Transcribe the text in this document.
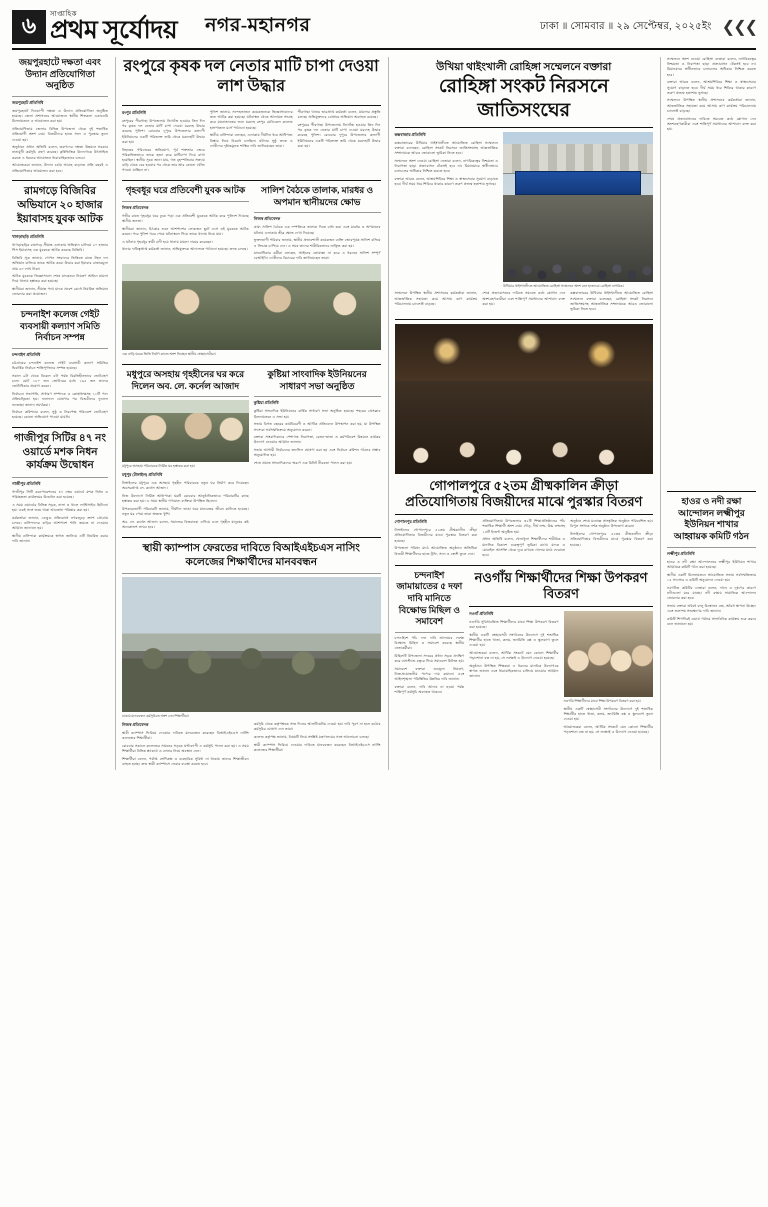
৬	সাপ্তাহিক
প্রথম সূর্যোদয় নগর-মহানগর	ঢাকা ॥ সোমবার ॥ ২৯ সেপ্টেম্বর, ২০২৫ইং ❮❮❮
জয়পুরহাটে দক্ষতা এবং উদ্যান প্রতিযোগিতা অনুষ্ঠিত
জয়পুরহাট প্রতিনিধি

জয়পুরহাটে দিনব্যাপী দক্ষতা ও উদ্যান প্রতিযোগিতা অনুষ্ঠিত হয়েছে। জেলা প্রশাসনের আয়োজনে স্থানীয় শিল্পকলা একাডেমি মিলনায়তনে এ আয়োজন করা হয়।

প্রতিযোগিতায় জেলার বিভিন্ন উপজেলা থেকে দুই শতাধিক প্রতিযোগী অংশ নেয়। বিজয়ীদের হাতে সনদ ও পুরস্কার তুলে দেওয়া হয়।

অনুষ্ঠানে প্রধান অতিথি বলেন, তরুণদের দক্ষতা উন্নয়নে সরকার নানামুখী কর্মসূচি গ্রহণ করেছে। কৃষিভিত্তিক উদ্যোগকে উৎসাহিত করতে এ ধরনের আয়োজন ধারাবাহিকভাবে চলবে।

আয়োজকরা জানান, উদ্যান চর্চায় আগ্রহ বাড়াতে প্রতি বছরই এ প্রতিযোগিতার আয়োজন করা হবে।

রামগড়ে বিজিবির অভিযানে ২০ হাজার ইয়াবাসহ যুবক আটক
খাগড়াছড়ি প্রতিনিধি

খাগড়াছড়ির রামগড়ে সীমান্ত এলাকায় অভিযান চালিয়ে ২০ হাজার পিস ইয়াবাসহ এক যুবককে আটক করেছে বিজিবি।

বিজিবি সূত্র জানায়, গোপন সংবাদের ভিত্তিতে রাতে টহল দল অভিযান চালিয়ে তাকে আটক করে। উদ্ধার করা ইয়াবার বাজারমূল্য প্রায় ৬০ লাখ টাকা।

আটক যুবককে জিজ্ঞাসাবাদ শেষে মাদকদ্রব্য নিয়ন্ত্রণ আইনে মামলা দিয়ে থানায় হস্তান্তর করা হয়েছে।

স্থানীয়রা জানান, সীমান্ত পথে মাদক প্রবেশ রোধে নিয়মিত অভিযান জোরদার করা প্রয়োজন।

চন্দনাইশ কলেজ গেইট ব্যবসায়ী কল্যাণ সমিতি নির্বাচন সম্পন্ন
চন্দনাইশ প্রতিনিধি

চট্টগ্রামের চন্দনাইশ কলেজ গেইট ব্যবসায়ী কল্যাণ সমিতির দ্বিবার্ষিক নির্বাচন শান্তিপূর্ণভাবে সম্পন্ন হয়েছে।

সকাল ৯টা থেকে বিকেল ৪টা পর্যন্ত বিরতিহীনভাবে ভোটগ্রহণ চলে। মোট ১৮০ জন ভোটারের মধ্যে ১৬৫ জন তাদের ভোটাধিকার প্রয়োগ করেন।

নির্বাচনে সভাপতি, সাধারণ সম্পাদক ও কোষাধ্যক্ষসহ ১১টি পদে প্রতিদ্বন্দ্বিতা হয়। ফলাফল ঘোষণার পর বিজয়ীদের ফুলেল শুভেচ্ছা জানান সমর্থকরা।

নির্বাচন কমিশনার বলেন, সুষ্ঠু ও নিরপেক্ষ পরিবেশে ভোটগ্রহণ হয়েছে। কোনো অভিযোগ পাওয়া যায়নি।

গাজীপুর সিটির ৪৭ নং ওয়ার্ডে মশক নিধন কার্যক্রম উদ্বোধন
গাজীপুর প্রতিনিধি

গাজীপুর সিটি করপোরেশনের ৪৭ নম্বর ওয়ার্ডে মশক নিধন ও পরিচ্ছন্নতা কার্যক্রমের উদ্বোধন করা হয়েছে।

এ সময় ওয়ার্ডের বিভিন্ন সড়ক, নালা ও খালে লার্ভিসাইড ছিটানো হয়। একই সঙ্গে জমে থাকা আবর্জনা পরিষ্কার করা হয়।

কর্মকর্তারা জানান, ডেঙ্গু প্রতিরোধে নগরজুড়ে ক্র্যাশ প্রোগ্রাম চলবে। বাসিন্দাদের বাড়ির আশপাশে পানি জমতে না দেওয়ার আহ্বান জানানো হয়।

স্থানীয় বাসিন্দারা কার্যক্রমকে স্বাগত জানিয়ে এটি নিয়মিত করার দাবি জানান।

রংপুরে কৃষক দল নেতার মাটি চাপা দেওয়া লাশ উদ্ধার
রংপুর প্রতিনিধি

রংপুরের পীরগাছা উপজেলায় নিখোঁজ হওয়ার তিন দিন পর কৃষক দল নেতার মাটি চাপা দেওয়া মরদেহ উদ্ধার করেছে পুলিশ। রোববার দুপুরে উপজেলার কল্যাণী ইউনিয়নের একটি পরিত্যক্ত জমি থেকে মরদেহটি উদ্ধার করা হয়।

নিহতের পরিবারের অভিযোগ, পূর্ব শত্রুতার জেরে পরিকল্পিতভাবে তাকে হত্যা করে মাটিচাপা দিয়ে রাখা হয়েছিল। স্থানীয় সূত্রে জানা যায়, গত বৃহস্পতিবার সন্ধ্যায় বাড়ি থেকে বের হওয়ার পর থেকে তার আর কোনো খোঁজ পাওয়া যাচ্ছিল না।

পুলিশ জানায়, সন্দেহভাজন কয়েকজনকে জিজ্ঞাসাবাদের জন্য আটক করা হয়েছে। ঘটনাস্থল থেকে আলামত সংগ্রহ করে ময়নাতদন্তের জন্য মরদেহ রংপুর মেডিকেল কলেজ হাসপাতাল মর্গে পাঠানো হয়েছে।

স্থানীয় বাসিন্দারা বলছেন, এলাকায় দীর্ঘদিন ধরে আধিপত্য বিস্তার নিয়ে বিরোধ চলছিল। ঘটনার সুষ্ঠু তদন্ত ও দোষীদের দৃষ্টান্তমূলক শাস্তির দাবি জানিয়েছেন তারা।

পীরগাছা থানার ভারপ্রাপ্ত কর্মকর্তা বলেন, মামলার প্রস্তুতি চলছে। অভিযুক্তদের গ্রেপ্তারে অভিযান অব্যাহত রয়েছে।

রংপুরের পীরগাছা উপজেলায় নিখোঁজ হওয়ার তিন দিন পর কৃষক দল নেতার মাটি চাপা দেওয়া মরদেহ উদ্ধার করেছে পুলিশ। রোববার দুপুরে উপজেলার কল্যাণী ইউনিয়নের একটি পরিত্যক্ত জমি থেকে মরদেহটি উদ্ধার করা হয়।

গৃহবধূর ঘরে প্রতিবেশী যুবক আটক
নিজস্ব প্রতিবেদক

গভীর রাতে গৃহবধূর ঘরে ঢুকে পড়া এক প্রতিবেশী যুবককে আটক করে পুলিশে দিয়েছে স্থানীয় জনতা।

স্থানীয়রা জানান, চিৎকার শুনে আশপাশের লোকজন ছুটে এসে ওই যুবককে আটক করেন। পরে পুলিশ খবর পেয়ে ঘটনাস্থলে গিয়ে তাকে থানায় নিয়ে যায়।

এ ঘটনায় গৃহবধূর স্বামী বাদী হয়ে থানায় মামলা দায়ের করেছেন।

থানার দায়িত্বপ্রাপ্ত কর্মকর্তা জানান, অভিযুক্তকে আদালতে পাঠানো হয়েছে। তদন্ত চলছে।

সালিশ বৈঠকে তালাক, মারধর ও অপমান স্থানীয়দের ক্ষোভ
নিজস্ব প্রতিবেদক

গ্রাম্য সালিশ বৈঠকে এক দম্পতিকে তালাক দিতে বাধ্য করা এবং মারধর ও অপমানের ঘটনায় এলাকায় তীব্র ক্ষোভ দেখা দিয়েছে।

ভুক্তভোগী পরিবার জানায়, স্থানীয় প্রভাবশালী কয়েকজন ব্যক্তি জোরপূর্বক সালিশ বসিয়ে এ সিদ্ধান্ত চাপিয়ে দেন। এ সময় তাদের শারীরিকভাবে লাঞ্ছিত করা হয়।

মানবাধিকার কর্মীরা বলছেন, আইনের তোয়াক্কা না করে এ ধরনের সালিশ সম্পূর্ণ বেআইনি। দোষীদের বিচারের দাবি জানিয়েছেন তারা।

এক বাড়ি ঘরের ভিত্তি নির্মাণ কাজে অংশ নিচ্ছেন স্থানীয় স্বেচ্ছাসেবীরা।
মধুপুরে অসহায় গৃহহীনের ঘর করে দিলেন অব. লে. কর্নেল আজাদ
মধুপুরে অসহায় পরিবারকে নির্মিত ঘর হস্তান্তর করা হয়।
মধুপুর (টাঙ্গাইল) প্রতিনিধি

টাঙ্গাইলের মধুপুরে এক অসহায় গৃহহীন পরিবারকে নতুন ঘর নির্মাণ করে দিয়েছেন অবসরপ্রাপ্ত লে. কর্নেল আজাদ।

নিজ উদ্যোগে নির্মিত আধাপাকা ঘরটি রোববার আনুষ্ঠানিকভাবে পরিবারটির কাছে হস্তান্তর করা হয়। এ সময় স্থানীয় গণ্যমান্য ব্যক্তিরা উপস্থিত ছিলেন।

উপকারভোগী পরিবারটি জানায়, দীর্ঘদিন ভাঙা ঘরে মানবেতর জীবন কাটাতে হয়েছে। নতুন ঘর পেয়ে তারা অত্যন্ত খুশি।

অব. লে. কর্নেল আজাদ বলেন, সমাজের বিত্তবানরা এগিয়ে এলে গৃহহীন মানুষের কষ্ট অনেকাংশে লাঘব হবে।

কুষ্টিয়া সাংবাদিক ইউনিয়নের সাধারণ সভা অনুষ্ঠিত
কুষ্টিয়া প্রতিনিধি

কুষ্টিয়া সাংবাদিক ইউনিয়নের বার্ষিক সাধারণ সভা অনুষ্ঠিত হয়েছে। শহরের প্রেসক্লাব মিলনায়তনে এ সভা হয়।

সভায় বিগত বছরের কার্যবিবরণী ও আর্থিক প্রতিবেদন উপস্থাপন করা হয়, যা উপস্থিত সদস্যরা সর্বসম্মতিক্রমে অনুমোদন করেন।

বক্তারা সাংবাদিকদের পেশাগত নিরাপত্তা, বেতন-ভাতা ও কর্মপরিবেশ উন্নয়নে কার্যকর উদ্যোগ নেওয়ার আহ্বান জানান।

সভায় আগামী নির্বাচনের তফসিল ঘোষণা করা হয় এবং নির্বাচন কমিশন গঠনের প্রস্তাব অনুমোদিত হয়।

শেষে প্রয়াত সাংবাদিকদের স্মরণে এক মিনিট নীরবতা পালন করা হয়।

স্থায়ী ক্যাম্পাস ফেরতের দাবিতে বিআইএইচএস নাসিং কলেজের শিক্ষার্থীদের মানববন্ধন
ঢাকায় মানববন্ধন কর্মসূচিতে অংশ নেন শিক্ষার্থীরা।
নিজস্ব প্রতিবেদক

স্থায়ী ক্যাম্পাস ফিরিয়ে দেওয়ার দাবিতে মানববন্ধন করেছেন বিআইএইচএস নার্সিং কলেজের শিক্ষার্থীরা।

রোববার সকালে কলেজের সামনের সড়কে ঘণ্টাব্যাপী এ কর্মসূচি পালন করা হয়। এ সময় শিক্ষার্থীরা বিভিন্ন প্ল্যাকার্ড ও ব্যানার নিয়ে অবস্থান নেন।

শিক্ষার্থীরা বলেন, পর্যাপ্ত শ্রেণিকক্ষ ও ব্যবহারিক সুবিধা না থাকায় তাদের শিক্ষাজীবন ব্যাহত হচ্ছে। দ্রুত স্থায়ী ক্যাম্পাসে ফেরার ব্যবস্থা করতে হবে।

কর্মসূচি থেকে কর্তৃপক্ষকে সাত দিনের আলটিমেটাম দেওয়া হয়। দাবি পূরণ না হলে কঠোর কর্মসূচির ঘোষণা দেন তারা।

কলেজ কর্তৃপক্ষ জানায়, বিষয়টি নিয়ে সংশ্লিষ্ট মন্ত্রণালয়ের সঙ্গে আলোচনা চলছে।

স্থায়ী ক্যাম্পাস ফিরিয়ে দেওয়ার দাবিতে মানববন্ধন করেছেন বিআইএইচএস নার্সিং কলেজের শিক্ষার্থীরা।

উখিয়া থাইংখালী রোহিঙ্গা সম্মেলনে বক্তারা
রোহিঙ্গা সংকট নিরসনে জাতিসংঘের
কক্সবাজার প্রতিনিধি

কক্সবাজারের উখিয়ার থাইংখালীতে আয়োজিত রোহিঙ্গা সম্মেলনে বক্তারা বলেছেন, রোহিঙ্গা সংকট নিরসনে জাতিসংঘসহ আন্তর্জাতিক সম্প্রদায়কে আরও জোরালো ভূমিকা নিতে হবে।

সম্মেলনে অংশ নেওয়া রোহিঙ্গা নেতারা বলেন, নাগরিকত্বের নিশ্চয়তা ও নিরাপত্তা ছাড়া প্রত্যাবাসন টেকসই হবে না। মিয়ানমারে স্বাধীনভাবে চলাচলের অধিকার নিশ্চিত করতে হবে।

বক্তারা আরও বলেন, আশ্রয়শিবিরে শিক্ষা ও স্বাস্থ্যসেবার সুযোগ বাড়াতে হবে। দীর্ঘ সময় ধরে শিবিরে থাকার কারণে তরুণ প্রজন্ম হতাশায় ভুগছে।

উখিয়ার থাইংখালীতে আয়োজিত রোহিঙ্গা সম্মেলনে অংশ নেন হাজারো রোহিঙ্গা নাগরিক।

সম্মেলনে উপস্থিত স্থানীয় প্রশাসনের কর্মকর্তারা জানান, আন্তর্জাতিক সহায়তা কমে আসায় ত্রাণ কার্যক্রম পরিচালনায় চ্যালেঞ্জ বাড়ছে।

শেষে প্রত্যাবাসনের দাবিতে সমবেত কণ্ঠে স্লোগান দেন অংশগ্রহণকারীরা এবং শান্তিপূর্ণ সমাধানের আশাবাদ ব্যক্ত করা হয়।

কক্সবাজারের উখিয়ার থাইংখালীতে আয়োজিত রোহিঙ্গা সম্মেলনে বক্তারা বলেছেন, রোহিঙ্গা সংকট নিরসনে জাতিসংঘসহ আন্তর্জাতিক সম্প্রদায়কে আরও জোরালো ভূমিকা নিতে হবে।

গোপালপুরে ৫২তম গ্রীষ্মকালিন ক্রীড়া প্রতিযোগিতায় বিজয়ীদের মাঝে পুরস্কার বিতরণ
গোপালপুর প্রতিনিধি

টাঙ্গাইলের গোপালপুরে ৫২তম গ্রীষ্মকালীন ক্রীড়া প্রতিযোগিতার বিজয়ীদের মাঝে পুরস্কার বিতরণ করা হয়েছে।

উপজেলা পরিষদ মাঠে আয়োজিত অনুষ্ঠানে অতিথিরা বিজয়ী শিক্ষার্থীদের হাতে ট্রফি, সনদ ও ক্রেস্ট তুলে দেন।

প্রতিযোগিতায় উপজেলার ৩২টি শিক্ষাপ্রতিষ্ঠানের পাঁচ শতাধিক শিক্ষার্থী অংশ নেয়। দৌড়, দীর্ঘ লম্ফ, উচ্চ লম্ফসহ ১৪টি ইভেন্ট অনুষ্ঠিত হয়।

প্রধান অতিথি বলেন, খেলাধুলা শিক্ষার্থীদের শারীরিক ও মানসিক বিকাশে গুরুত্বপূর্ণ ভূমিকা রাখে। মাদক ও মোবাইল আসক্তি থেকে দূরে রাখতে খেলার মাঠে ফেরাতে হবে।

অনুষ্ঠান শেষে মনোজ্ঞ সাংস্কৃতিক অনুষ্ঠান পরিবেশিত হয়। বিপুল সংখ্যক দর্শক অনুষ্ঠান উপভোগ করেন।

টাঙ্গাইলের গোপালপুরে ৫২তম গ্রীষ্মকালীন ক্রীড়া প্রতিযোগিতার বিজয়ীদের মাঝে পুরস্কার বিতরণ করা হয়েছে।

চন্দনাইশ জামায়াতের ৫ দফা দাবি মানিতে বিক্ষোভ মিছিল ও সমাবেশ

চন্দনাইশে পাঁচ দফা দাবি আদায়ের লক্ষ্যে বিক্ষোভ মিছিল ও সমাবেশ করেছে স্থানীয় নেতাকর্মীরা।

মিছিলটি উপজেলা সদরের প্রধান সড়ক প্রদক্ষিণ করে বাসস্ট্যান্ড চত্বরে গিয়ে সমাবেশে মিলিত হয়।

সমাবেশে বক্তারা দ্রব্যমূল্য নিয়ন্ত্রণ, নিত্যপ্রয়োজনীয় পণ্যের দাম কমানো এবং আইনশৃঙ্খলা পরিস্থিতির উন্নতির দাবি জানান।

বক্তারা বলেন, দাবি আদায় না হওয়া পর্যন্ত শান্তিপূর্ণ কর্মসূচি অব্যাহত থাকবে।

নওগাঁয় শিক্ষার্থীদের শিক্ষা উপকরণ বিতরণ
নওগাঁ প্রতিনিধি

নওগাঁয় সুবিধাবঞ্চিত শিক্ষার্থীদের মাঝে শিক্ষা উপকরণ বিতরণ করা হয়েছে।

স্থানীয় একটি স্বেচ্ছাসেবী সংগঠনের উদ্যোগে দুই শতাধিক শিক্ষার্থীর হাতে খাতা, কলম, জ্যামিতি বক্স ও স্কুলব্যাগ তুলে দেওয়া হয়।

আয়োজকরা বলেন, আর্থিক সংকটে যেন কোনো শিক্ষার্থীর পড়াশোনা বন্ধ না হয়, সে লক্ষ্যেই এ উদ্যোগ নেওয়া হয়েছে।

অনুষ্ঠানে উপস্থিত শিক্ষকরা এ ধরনের মানবিক উদ্যোগকে স্বাগত জানান এবং ধারাবাহিকভাবে চালিয়ে যাওয়ার আহ্বান জানান।

নওগাঁয় শিক্ষার্থীদের মাঝে শিক্ষা উপকরণ বিতরণ করা হয়।

স্থানীয় একটি স্বেচ্ছাসেবী সংগঠনের উদ্যোগে দুই শতাধিক শিক্ষার্থীর হাতে খাতা, কলম, জ্যামিতি বক্স ও স্কুলব্যাগ তুলে দেওয়া হয়।

আয়োজকরা বলেন, আর্থিক সংকটে যেন কোনো শিক্ষার্থীর পড়াশোনা বন্ধ না হয়, সে লক্ষ্যেই এ উদ্যোগ নেওয়া হয়েছে।

সম্মেলনে অংশ নেওয়া রোহিঙ্গা নেতারা বলেন, নাগরিকত্বের নিশ্চয়তা ও নিরাপত্তা ছাড়া প্রত্যাবাসন টেকসই হবে না। মিয়ানমারে স্বাধীনভাবে চলাচলের অধিকার নিশ্চিত করতে হবে।

বক্তারা আরও বলেন, আশ্রয়শিবিরে শিক্ষা ও স্বাস্থ্যসেবার সুযোগ বাড়াতে হবে। দীর্ঘ সময় ধরে শিবিরে থাকার কারণে তরুণ প্রজন্ম হতাশায় ভুগছে।

সম্মেলনে উপস্থিত স্থানীয় প্রশাসনের কর্মকর্তারা জানান, আন্তর্জাতিক সহায়তা কমে আসায় ত্রাণ কার্যক্রম পরিচালনায় চ্যালেঞ্জ বাড়ছে।

শেষে প্রত্যাবাসনের দাবিতে সমবেত কণ্ঠে স্লোগান দেন অংশগ্রহণকারীরা এবং শান্তিপূর্ণ সমাধানের আশাবাদ ব্যক্ত করা হয়।

হাওর ও নদী রক্ষা আন্দোলন লক্ষ্মীপুর ইউনিয়ন শাখার আহ্বায়ক কমিটি গঠন
লক্ষ্মীপুর প্রতিনিধি

হাওর ও নদী রক্ষা আন্দোলনের লক্ষ্মীপুর ইউনিয়ন শাখার আহ্বায়ক কমিটি গঠন করা হয়েছে।

স্থানীয় একটি মিলনায়তনে আয়োজিত সভায় সর্বসম্মতিক্রমে ১৫ সদস্যের এ কমিটি অনুমোদন দেওয়া হয়।

নবগঠিত কমিটির নেতারা বলেন, দখল ও দূষণের কারণে নদীগুলো মরে যাচ্ছে। নদী রক্ষায় সামাজিক আন্দোলন জোরদার করা হবে।

সভায় বক্তারা অবৈধ বালু উত্তোলন বন্ধ, অবৈধ স্থাপনা উচ্ছেদ এবং জলাশয় সংরক্ষণের দাবি জানান।

কমিটি শিগগিরই ওয়ার্ড পর্যায়ে সাংগঠনিক কার্যক্রম শুরু করবে বলে জানানো হয়।
